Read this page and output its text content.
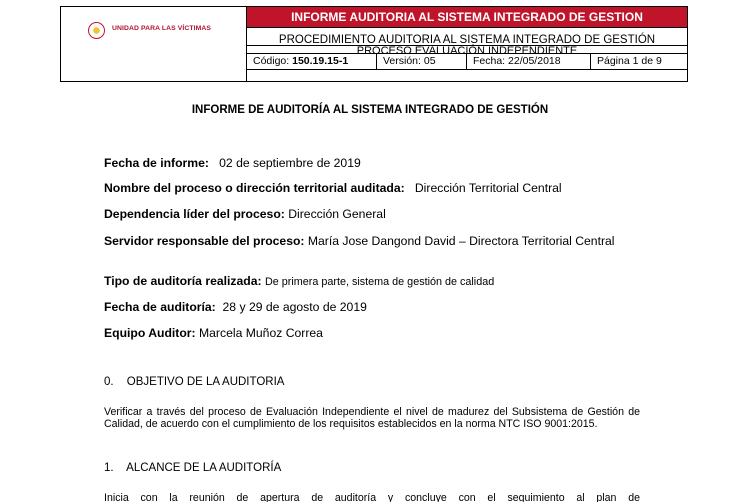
UNIDAD PARA LAS VÍCTIMAS
INFORME AUDITORIA AL SISTEMA INTEGRADO DE GESTION
PROCEDIMIENTO AUDITORIA AL SISTEMA INTEGRADO DE GESTIÓN
PROCESO EVALUACIÓN INDEPENDIENTE
Código: 150.19.15-1	Versión: 05	Fecha: 22/05/2018	Página 1 de 9
INFORME DE AUDITORÍA AL SISTEMA INTEGRADO DE GESTIÓN
Fecha de informe: 02 de septiembre de 2019
Nombre del proceso o dirección territorial auditada: Dirección Territorial Central
Dependencia líder del proceso: Dirección General
Servidor responsable del proceso: María Jose Dangond David – Directora Territorial Central
Tipo de auditoría realizada: De primera parte, sistema de gestión de calidad
Fecha de auditoría: 28 y 29 de agosto de 2019
Equipo Auditor: Marcela Muñoz Correa
0. OBJETIVO DE LA AUDITORIA
Verificar a través del proceso de Evaluación Independiente el nivel de madurez del Subsistema de Gestión de Calidad, de acuerdo con el cumplimiento de los requisitos establecidos en la norma NTC ISO 9001:2015.
1. ALCANCE DE LA AUDITORÍA
Inicia con la reunión de apertura de auditoría y concluye con el seguimiento al plan de
